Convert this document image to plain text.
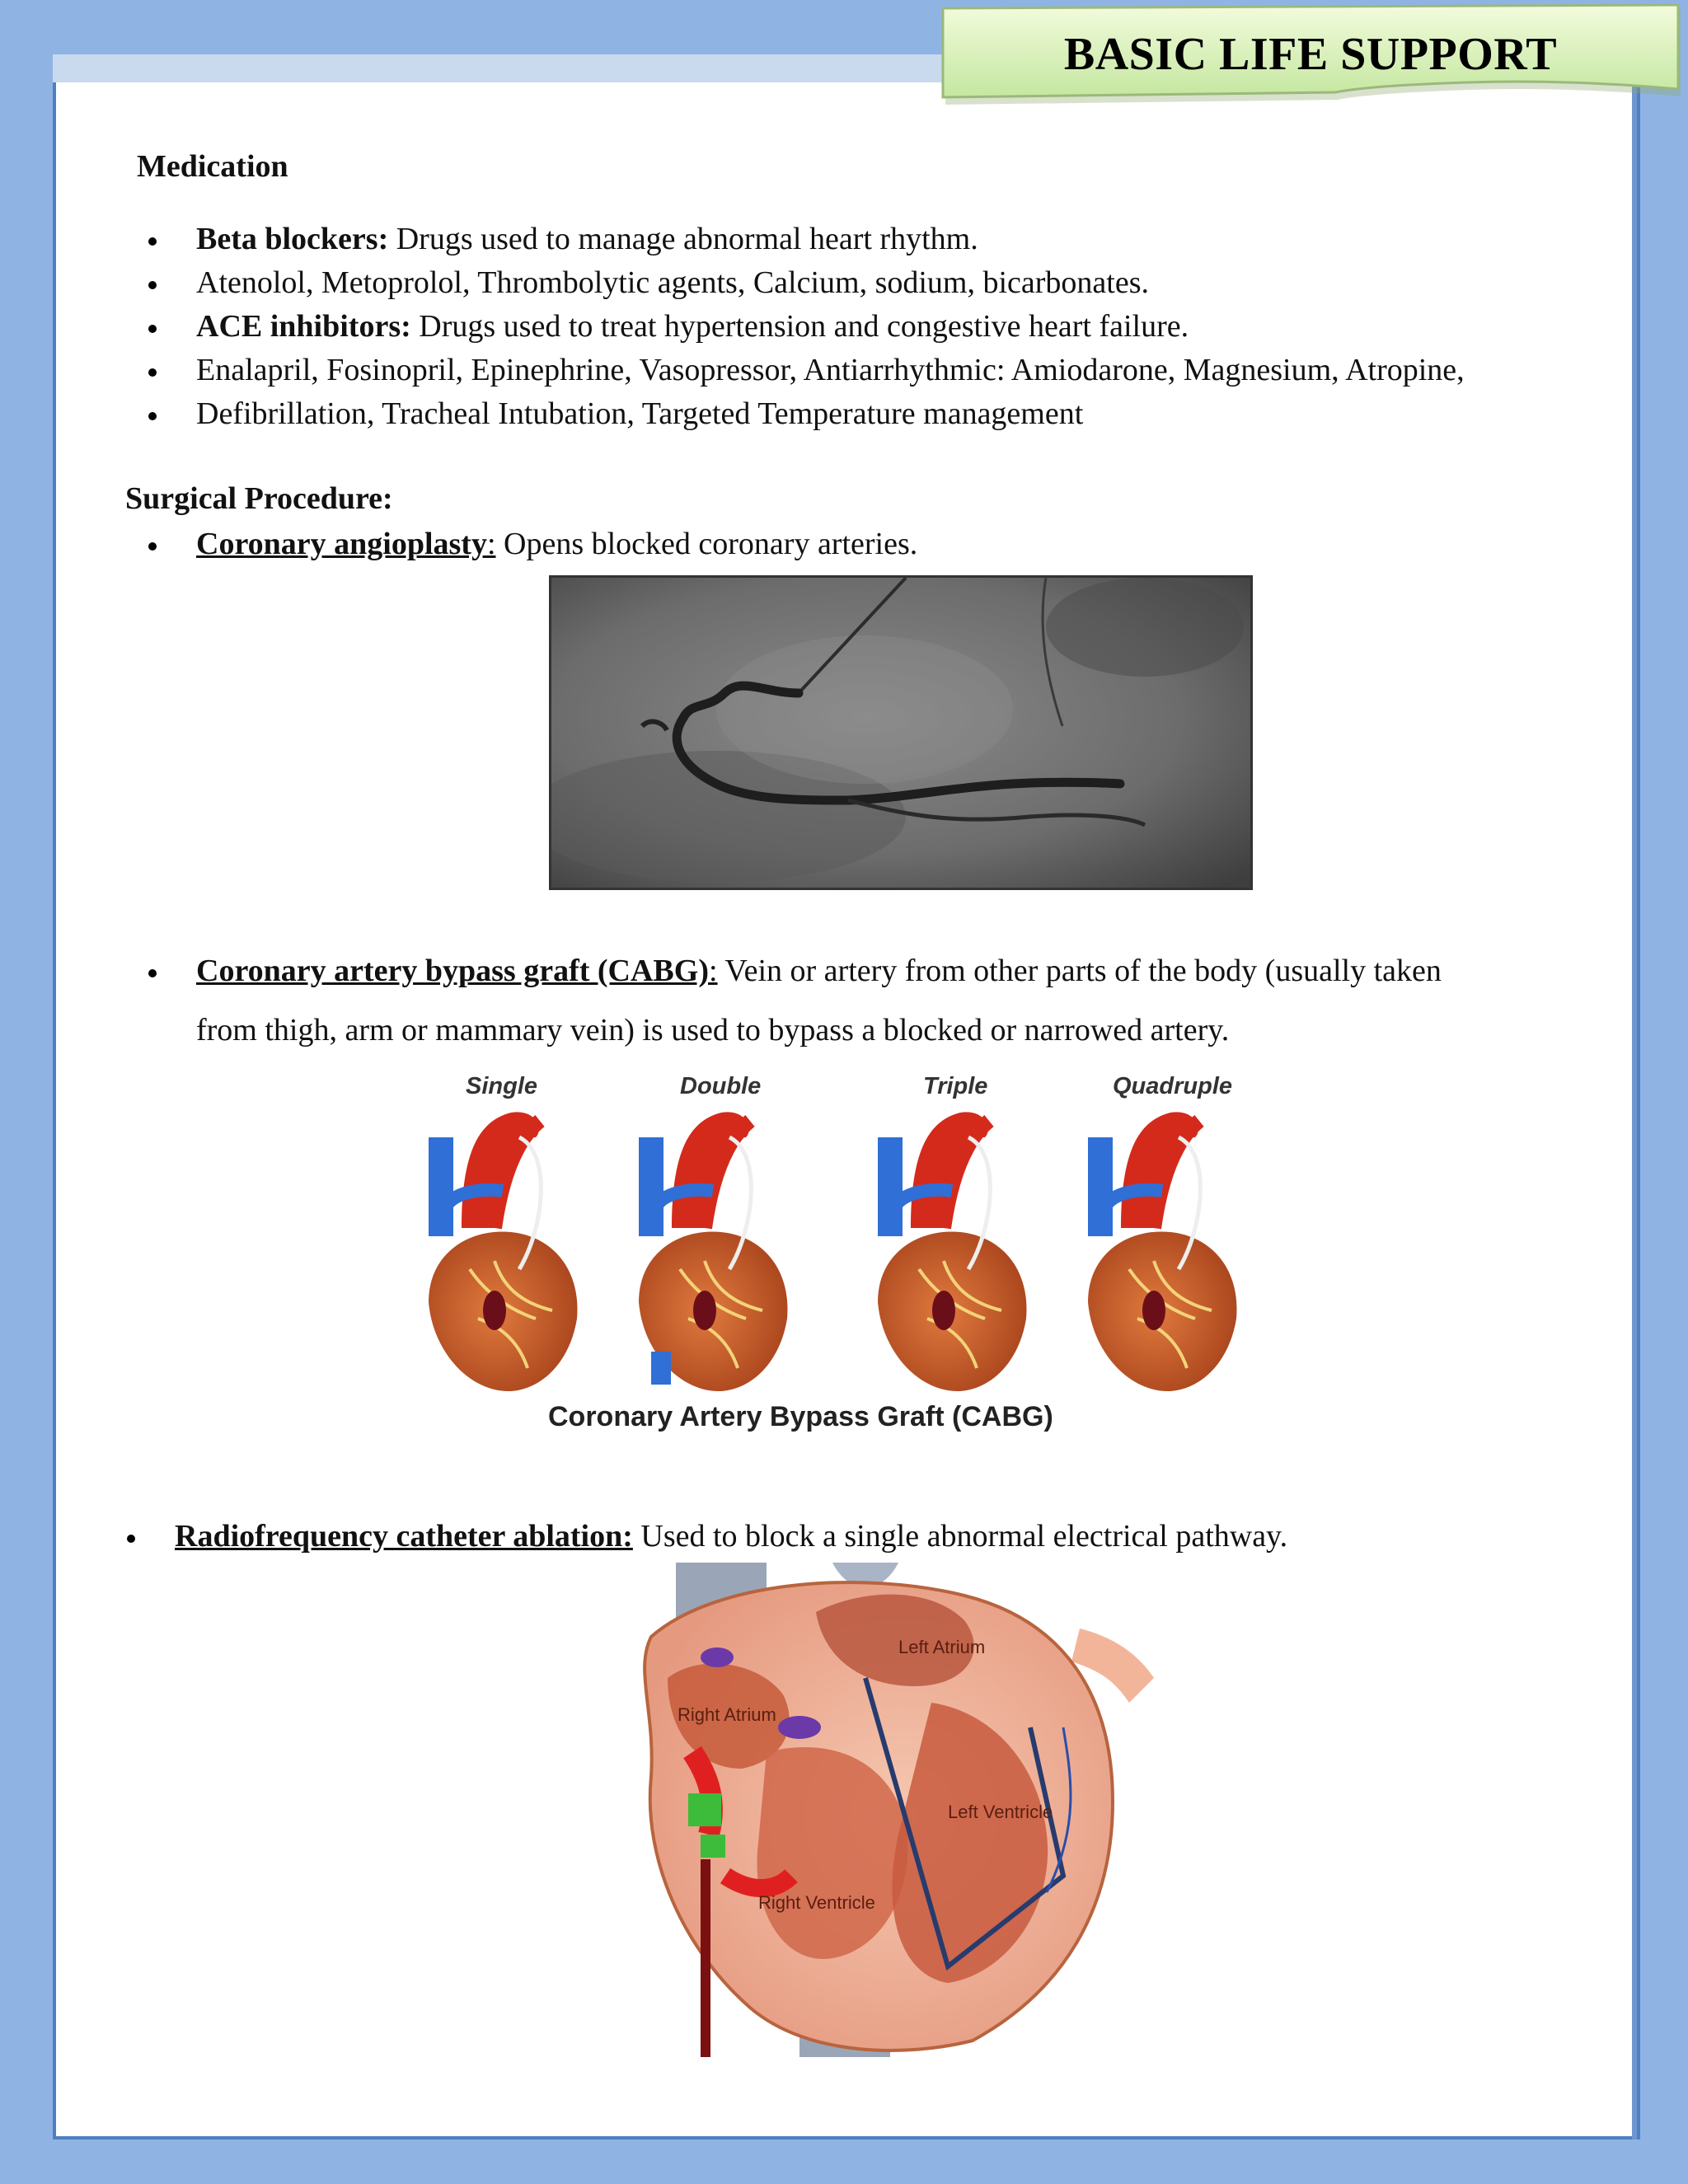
BASIC LIFE SUPPORT
Medication
Beta blockers: Drugs used to manage abnormal heart rhythm.
Atenolol, Metoprolol, Thrombolytic agents, Calcium, sodium, bicarbonates.
ACE inhibitors: Drugs used to treat hypertension and congestive heart failure.
Enalapril, Fosinopril, Epinephrine, Vasopressor, Antiarrhythmic: Amiodarone, Magnesium, Atropine,
Defibrillation, Tracheal Intubation, Targeted Temperature management
Surgical Procedure:
Coronary angioplasty: Opens blocked coronary arteries.
Coronary artery bypass graft (CABG): Vein or artery from other parts of the body (usually taken
from thigh, arm or mammary vein) is used to bypass a blocked or narrowed artery.
Single	Double	Triple	Quadruple
Coronary Artery Bypass Graft (CABG)
Radiofrequency catheter ablation: Used to block a single abnormal electrical pathway.
Left Atrium
Right Atrium
Left Ventricle
Right Ventricle
